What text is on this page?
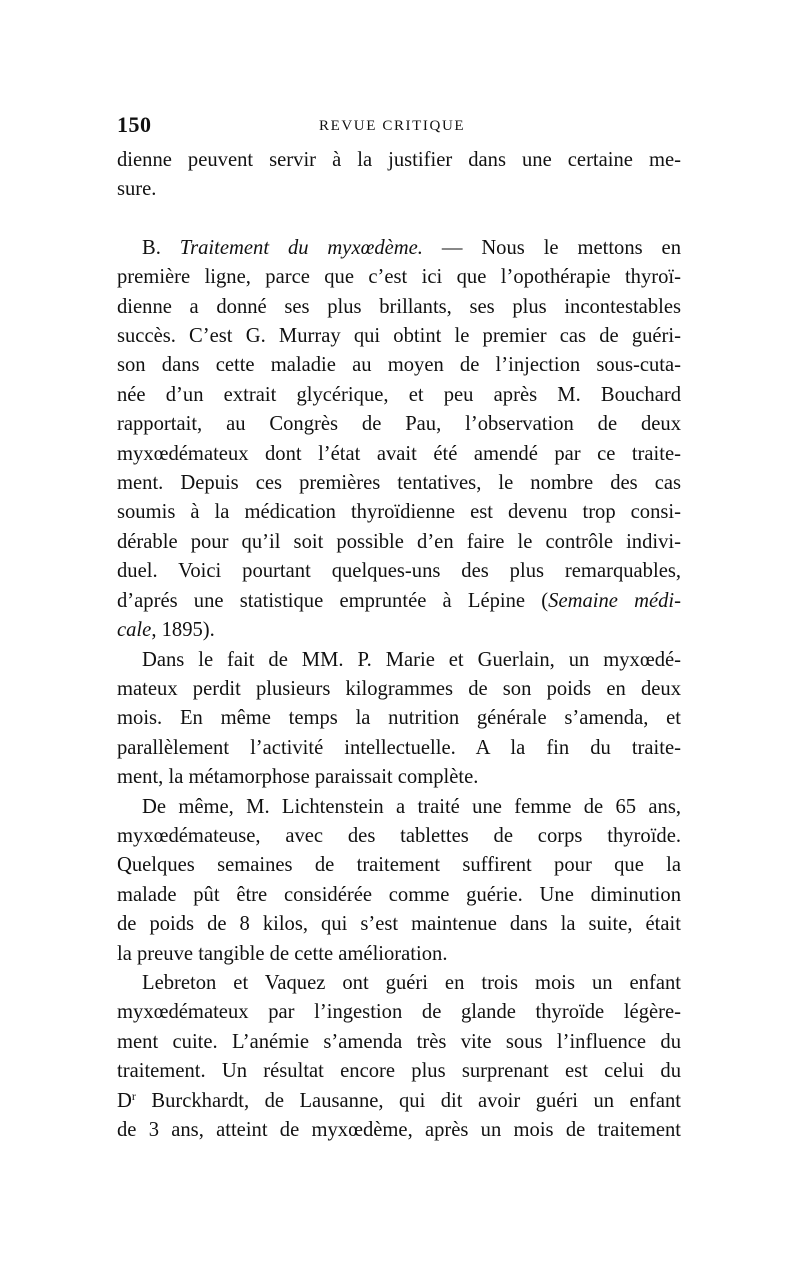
150	REVUE CRITIQUE

dienne peuvent servir à la justifier dans une certaine me-
sure.

B. Traitement du myxœdème. — Nous le mettons en
première ligne, parce que c’est ici que l’opothérapie thyroï-
dienne a donné ses plus brillants, ses plus incontestables
succès. C’est G. Murray qui obtint le premier cas de guéri-
son dans cette maladie au moyen de l’injection sous-cuta-
née d’un extrait glycérique, et peu après M. Bouchard
rapportait, au Congrès de Pau, l’observation de deux
myxœdémateux dont l’état avait été amendé par ce traite-
ment. Depuis ces premières tentatives, le nombre des cas
soumis à la médication thyroïdienne est devenu trop consi-
dérable pour qu’il soit possible d’en faire le contrôle indivi-
duel. Voici pourtant quelques-uns des plus remarquables,
d’aprés une statistique empruntée à Lépine (Semaine médi-
cale, 1895).

Dans le fait de MM. P. Marie et Guerlain, un myxœdé-
mateux perdit plusieurs kilogrammes de son poids en deux
mois. En même temps la nutrition générale s’amenda, et
parallèlement l’activité intellectuelle. A la fin du traite-
ment, la métamorphose paraissait complète.

De même, M. Lichtenstein a traité une femme de 65 ans,
myxœdémateuse, avec des tablettes de corps thyroïde.
Quelques semaines de traitement suffirent pour que la
malade pût être considérée comme guérie. Une diminution
de poids de 8 kilos, qui s’est maintenue dans la suite, était
la preuve tangible de cette amélioration.

Lebreton et Vaquez ont guéri en trois mois un enfant
myxœdémateux par l’ingestion de glande thyroïde légère-
ment cuite. L’anémie s’amenda très vite sous l’influence du
traitement. Un résultat encore plus surprenant est celui du
$D^r$ Burckhardt, de Lausanne, qui dit avoir guéri un enfant
de 3 ans, atteint de myxœdème, après un mois de traitement
